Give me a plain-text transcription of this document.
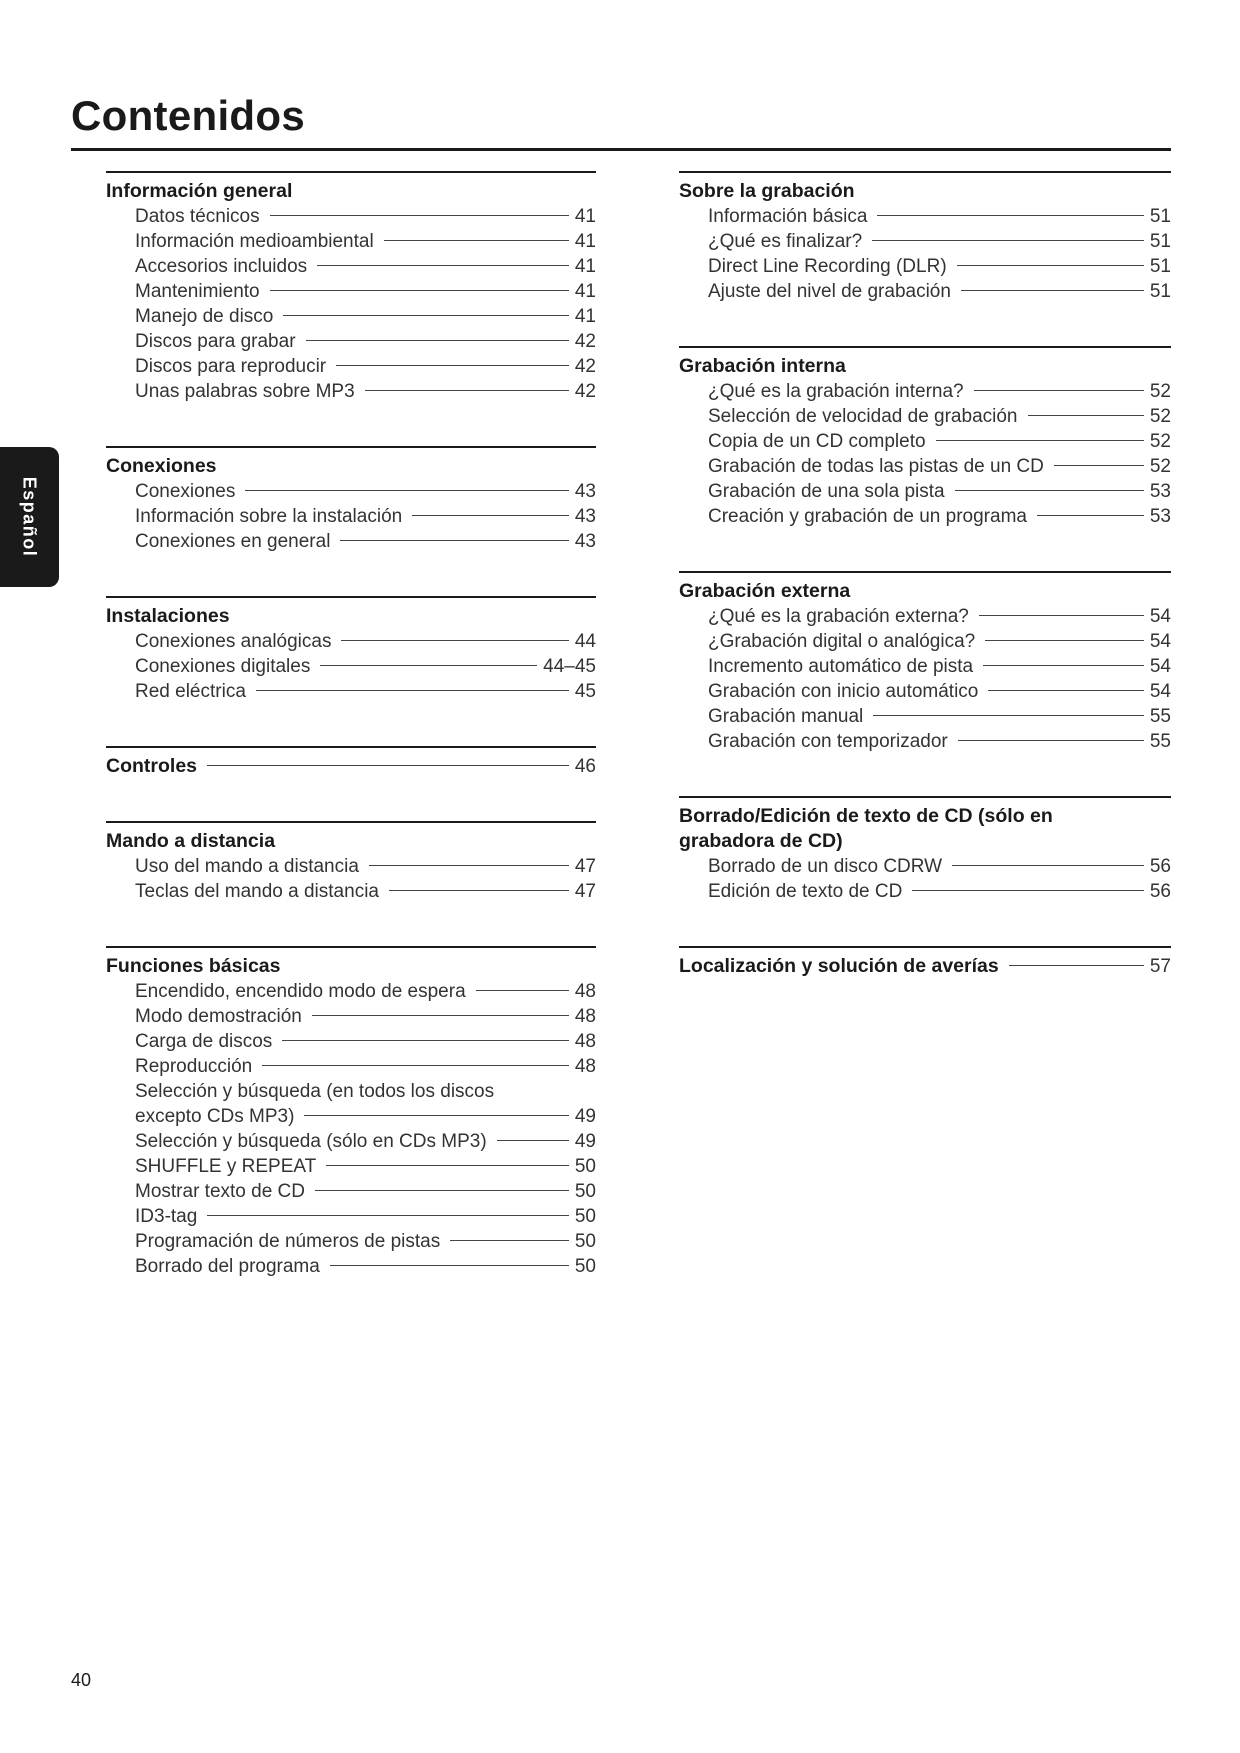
Contenidos
Español
Información general
Datos técnicos	41
Información medioambiental	41
Accesorios incluidos	41
Mantenimiento	41
Manejo de disco	41
Discos para grabar	42
Discos para reproducir	42
Unas palabras sobre MP3	42
Conexiones
Conexiones	43
Información sobre la instalación	43
Conexiones en general	43
Instalaciones
Conexiones analógicas	44
Conexiones digitales	44–45
Red eléctrica	45
Controles	46
Mando a distancia
Uso del mando a distancia	47
Teclas del mando a distancia	47
Funciones básicas
Encendido, encendido modo de espera	48
Modo demostración	48
Carga de discos	48
Reproducción	48
Selección y búsqueda (en todos los discos
excepto CDs MP3)	49
Selección y búsqueda (sólo en CDs MP3)	49
SHUFFLE y REPEAT	50
Mostrar texto de CD	50
ID3-tag	50
Programación de números de pistas	50
Borrado del programa	50
Sobre la grabación
Información básica	51
¿Qué es finalizar?	51
Direct Line Recording (DLR)	51
Ajuste del nivel de grabación	51
Grabación interna
¿Qué es la grabación interna?	52
Selección de velocidad de grabación	52
Copia de un CD completo	52
Grabación de todas las pistas de un CD	52
Grabación de una sola pista	53
Creación y grabación de un programa	53
Grabación externa
¿Qué es la grabación externa?	54
¿Grabación digital o analógica?	54
Incremento automático de pista	54
Grabación con inicio automático	54
Grabación manual	55
Grabación con temporizador	55
Borrado/Edición de texto de CD (sólo en
grabadora de CD)
Borrado de un disco CDRW	56
Edición de texto de CD	56
Localización y solución de averías	57
40
